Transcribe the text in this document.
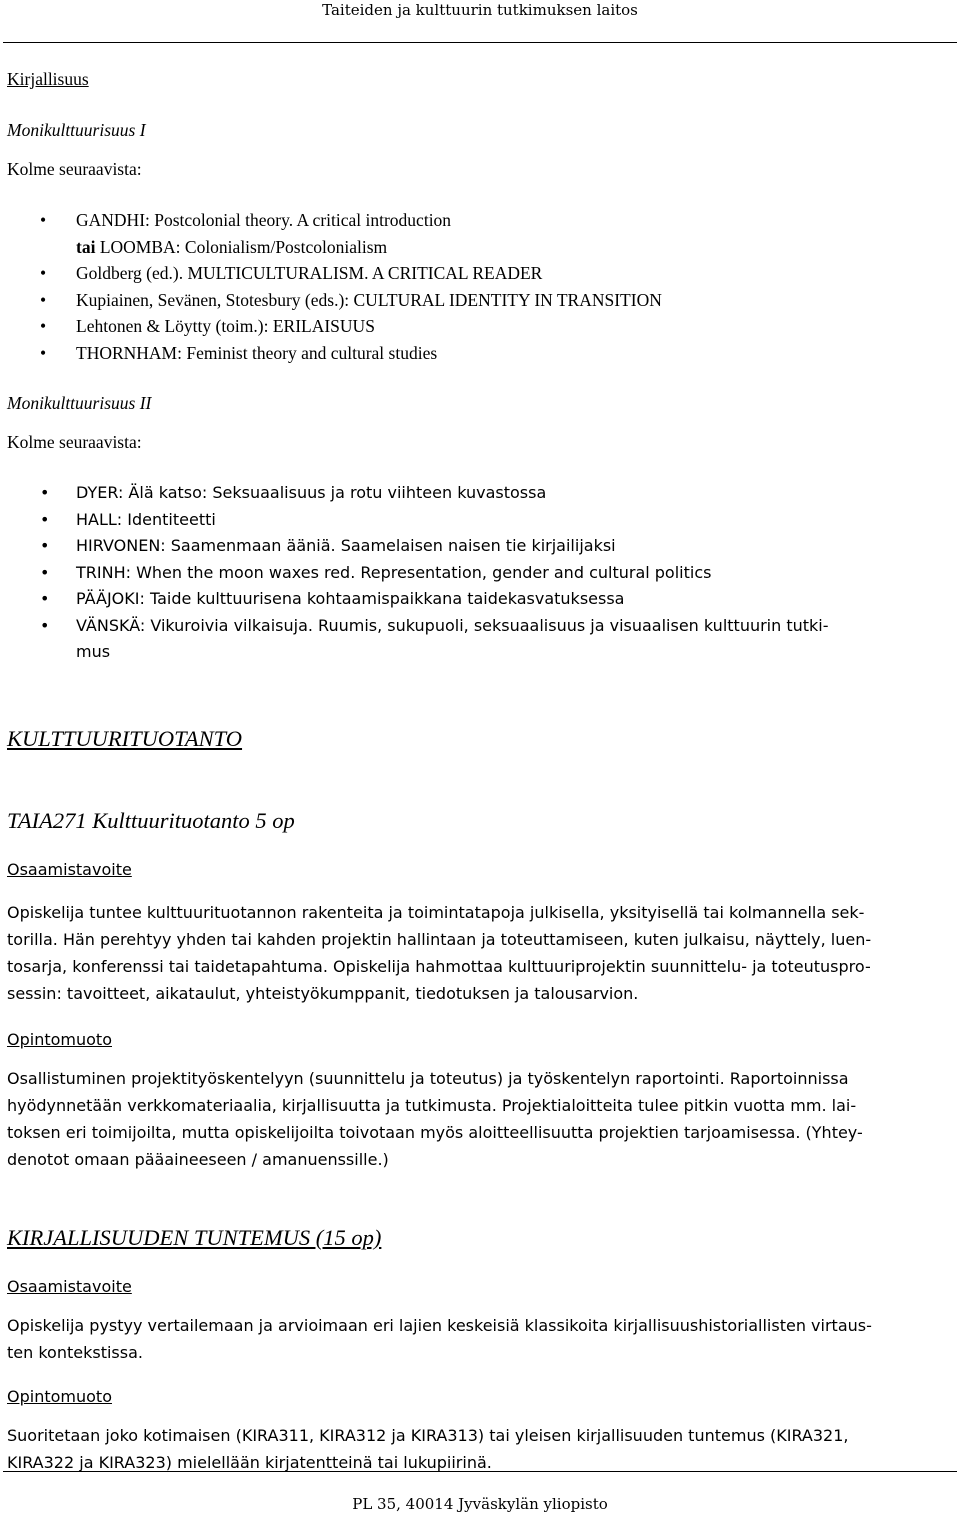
Taiteiden ja kulttuurin tutkimuksen laitos

Kirjallisuus

Monikulttuurisuus I

Kolme seuraavista:

• GANDHI: Postcolonial theory. A critical introduction
tai LOOMBA: Colonialism/Postcolonialism
• Goldberg (ed.). MULTICULTURALISM. A CRITICAL READER
• Kupiainen, Sevänen, Stotesbury (eds.): CULTURAL IDENTITY IN TRANSITION
• Lehtonen & Löytty (toim.): ERILAISUUS
• THORNHAM: Feminist theory and cultural studies

Monikulttuurisuus II

Kolme seuraavista:

• DYER: Älä katso: Seksuaalisuus ja rotu viihteen kuvastossa
• HALL: Identiteetti
• HIRVONEN: Saamenmaan ääniä. Saamelaisen naisen tie kirjailijaksi
• TRINH: When the moon waxes red. Representation, gender and cultural politics
• PÄÄJOKI: Taide kulttuurisena kohtaamispaikkana taidekasvatuksessa
• VÄNSKÄ: Vikuroivia vilkaisuja. Ruumis, sukupuoli, seksuaalisuus ja visuaalisen kulttuurin tutki-
mus

KULTTUURITUOTANTO

TAIA271 Kulttuurituotanto 5 op

Osaamistavoite

Opiskelija tuntee kulttuurituotannon rakenteita ja toimintatapoja julkisella, yksityisellä tai kolmannella sek-

torilla. Hän perehtyy yhden tai kahden projektin hallintaan ja toteuttamiseen, kuten julkaisu, näyttely, luen-

tosarja, konferenssi tai taidetapahtuma. Opiskelija hahmottaa kulttuuriprojektin suunnittelu- ja toteutuspro-

sessin: tavoitteet, aikataulut, yhteistyökumppanit, tiedotuksen ja talousarvion.

Opintomuoto

Osallistuminen projektityöskentelyyn (suunnittelu ja toteutus) ja työskentelyn raportointi. Raportoinnissa

hyödynnetään verkkomateriaalia, kirjallisuutta ja tutkimusta. Projektialoitteita tulee pitkin vuotta mm. lai-

toksen eri toimijoilta, mutta opiskelijoilta toivotaan myös aloitteellisuutta projektien tarjoamisessa. (Yhtey-

denotot omaan pääaineeseen / amanuenssille.)

KIRJALLISUUDEN TUNTEMUS (15 op)

Osaamistavoite

Opiskelija pystyy vertailemaan ja arvioimaan eri lajien keskeisiä klassikoita kirjallisuushistoriallisten virtaus-

ten kontekstissa.

Opintomuoto

Suoritetaan joko kotimaisen (KIRA311, KIRA312 ja KIRA313) tai yleisen kirjallisuuden tuntemus (KIRA321,

KIRA322 ja KIRA323) mielellään kirjatentteinä tai lukupiirinä.

PL 35, 40014 Jyväskylän yliopisto
